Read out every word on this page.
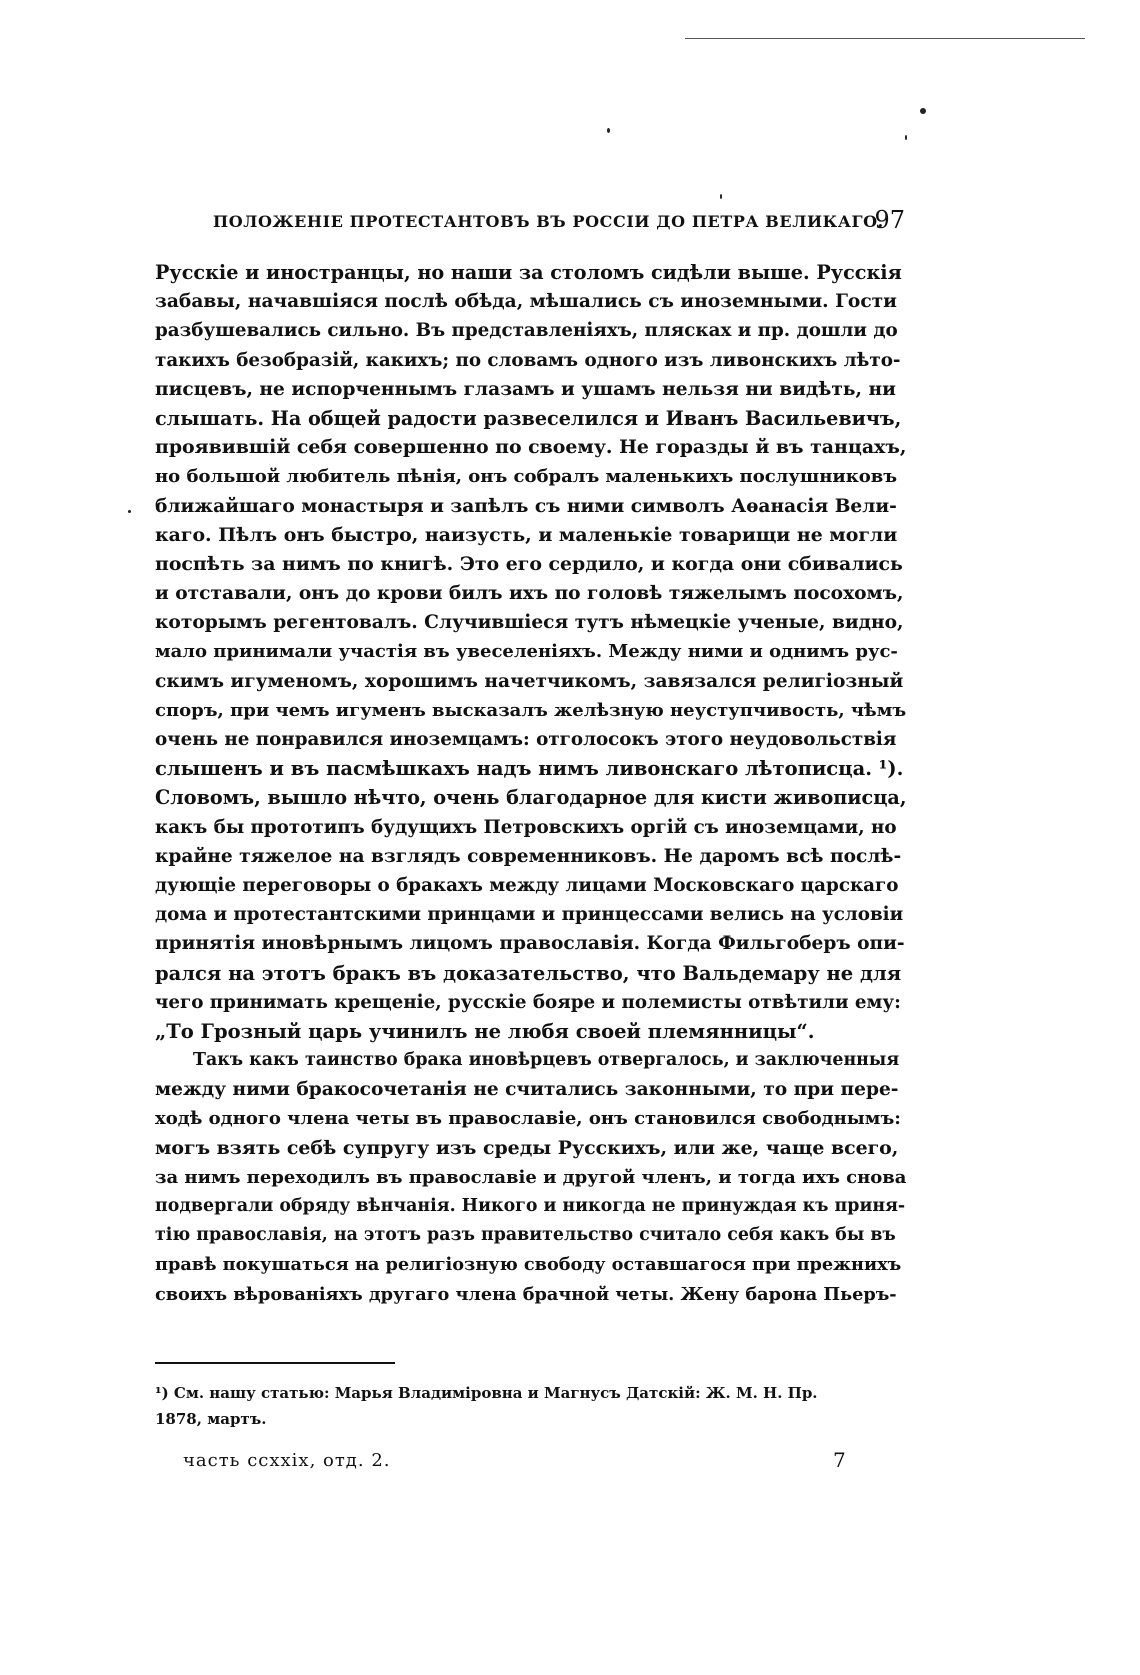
ПОЛОЖЕНІЕ ПРОТЕСТАНТОВЪ ВЪ РОССІИ ДО ПЕТРА ВЕЛИКАГО.
97
Русскіе и иностранцы, но наши за столомъ сидѣли выше. Русскія
забавы, начавшіяся послѣ обѣда, мѣшались съ иноземными. Гости
разбушевались сильно. Въ представленіяхъ, плясках и пр. дошли до
такихъ безобразій, какихъ; по словамъ одного изъ ливонскихъ лѣто-
писцевъ, не испорченнымъ глазамъ и ушамъ нельзя ни видѣть, ни
слышать. На общей радости развеселился и Иванъ Васильевичъ,
проявившій себя совершенно по своему. Не горазды й въ танцахъ,
но большой любитель пѣнія, онъ собралъ маленькихъ послушниковъ
ближайшаго монастыря и запѣлъ съ ними символъ Аѳанасія Вели-
каго. Пѣлъ онъ быстро, наизусть, и маленькіе товарищи не могли
поспѣть за нимъ по книгѣ. Это его сердило, и когда они сбивались
и отставали, онъ до крови билъ ихъ по головѣ тяжелымъ посохомъ,
которымъ регентовалъ. Случившіеся тутъ нѣмецкіе ученые, видно,
мало принимали участія въ увеселеніяхъ. Между ними и однимъ рус-
скимъ игуменомъ, хорошимъ начетчикомъ, завязался религіозный
споръ, при чемъ игуменъ высказалъ желѣзную неуступчивость, чѣмъ
очень не понравился иноземцамъ: отголосокъ этого неудовольствія
слышенъ и въ пасмѣшкахъ надъ нимъ ливонскаго лѣтописца. ¹).
Словомъ, вышло нѣчто, очень благодарное для кисти живописца,
какъ бы прототипъ будущихъ Петровскихъ оргій съ иноземцами, но
крайне тяжелое на взглядъ современниковъ. Не даромъ всѣ послѣ-
дующіе переговоры о бракахъ между лицами Московскаго царскаго
дома и протестантскими принцами и принцессами велись на условіи
принятія иновѣрнымъ лицомъ православія. Когда Фильгоберъ опи-
рался на этотъ бракъ въ доказательство, что Вальдемару не для
чего принимать крещеніе, русскіе бояре и полемисты отвѣтили ему:
„То Грозный царь учинилъ не любя своей племянницы“.
Такъ какъ таинство брака иновѣрцевъ отвергалось, и заключенныя
между ними бракосочетанія не считались законными, то при пере-
ходѣ одного члена четы въ православіе, онъ становился свободнымъ:
могъ взять себѣ супругу изъ среды Русскихъ, или же, чаще всего,
за нимъ переходилъ въ православіе и другой членъ, и тогда ихъ снова
подвергали обряду вѣнчанія. Никого и никогда не принуждая къ приня-
тію православія, на этотъ разъ правительство считало себя какъ бы въ
правѣ покушаться на религіозную свободу оставшагося при прежнихъ
своихъ вѣрованіяхъ другаго члена брачной четы. Жену барона Пьеръ-
¹) См. нашу статью: Марья Владиміровна и Магнусъ Датскій: Ж. М. Н. Пр.
1878, мартъ.
часть сcxxix, отд. 2.	7
